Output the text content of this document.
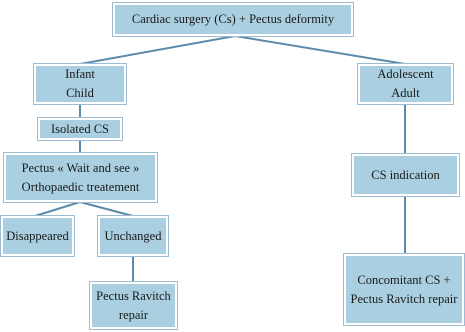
Cardiac surgery (Cs) + Pectus deformity
Infant
Child
Isolated CS
Pectus « Wait and see »
Orthopaedic treatement
Disappeared	Unchanged
Pectus Ravitch
repair
Adolescent
Adult
CS indication
Concomitant CS +
Pectus Ravitch repair
